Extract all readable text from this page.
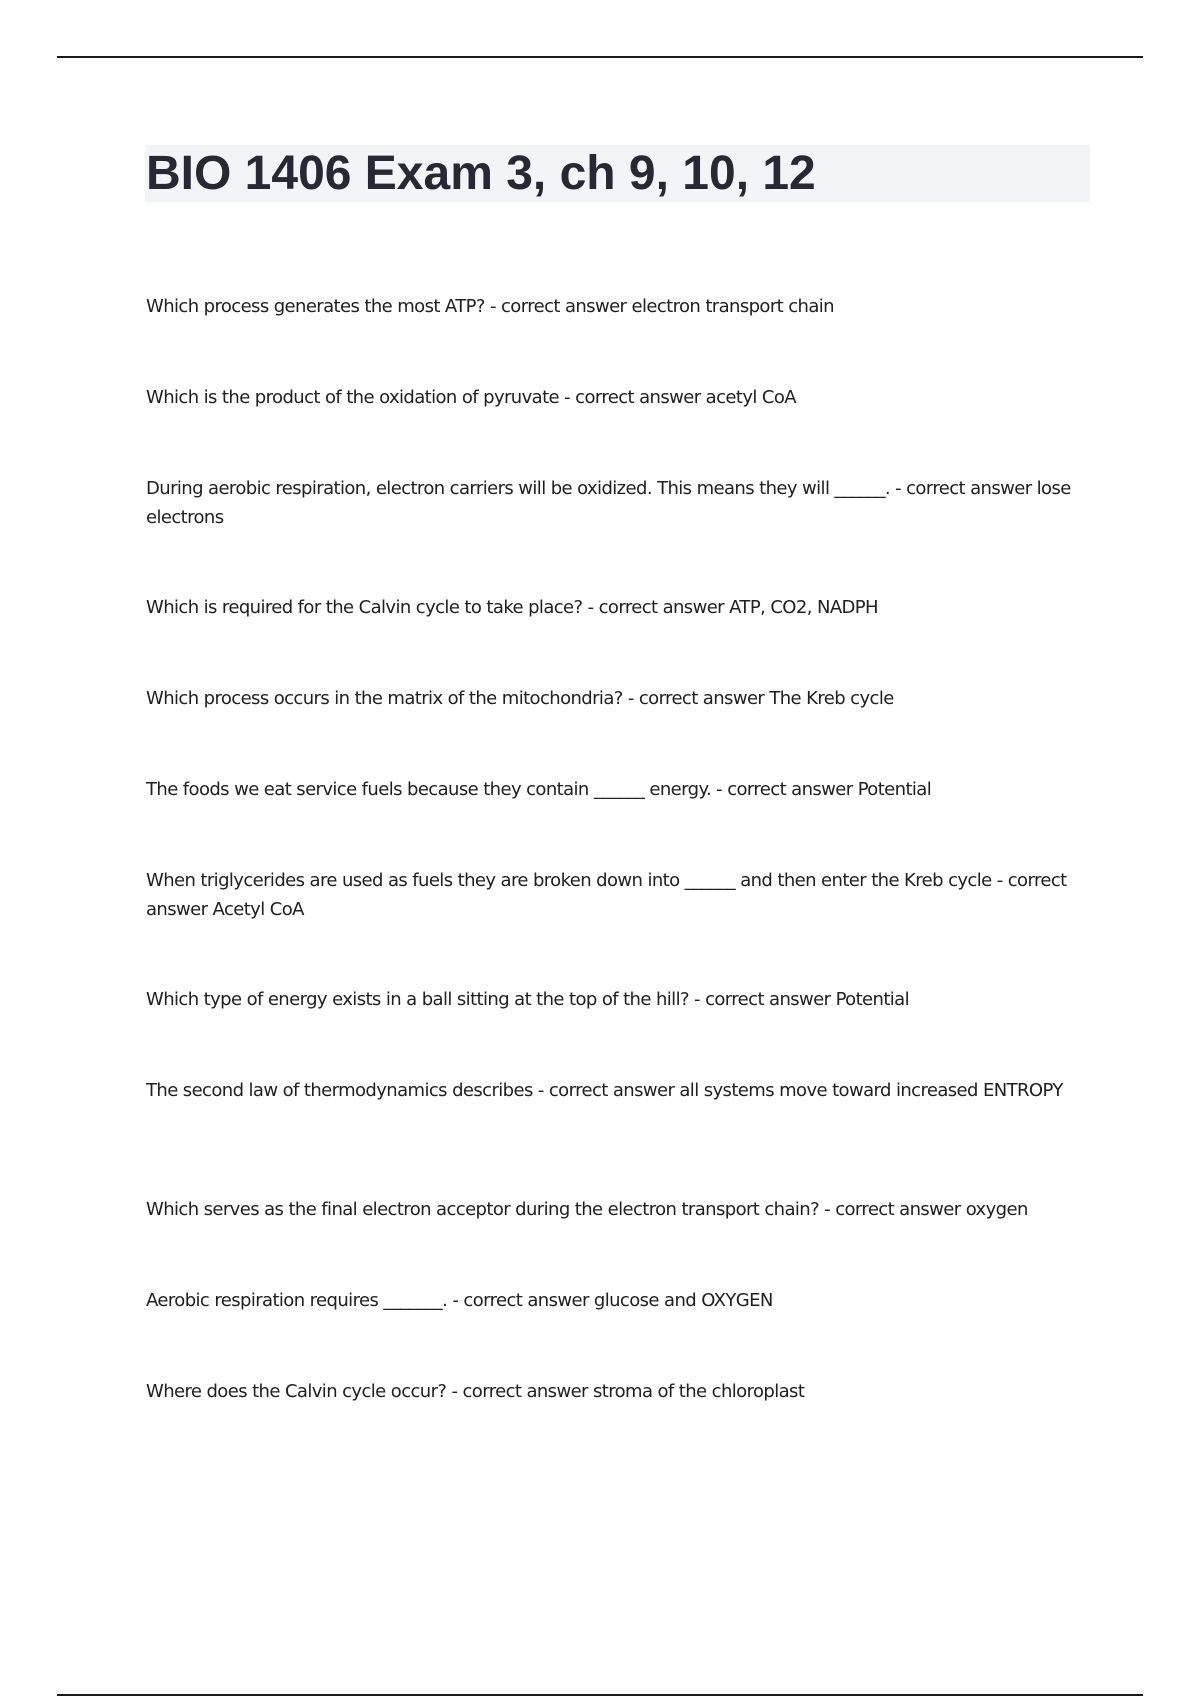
BIO 1406 Exam 3, ch 9, 10, 12
Which process generates the most ATP? - correct answer electron transport chain
Which is the product of the oxidation of pyruvate - correct answer acetyl CoA
During aerobic respiration, electron carriers will be oxidized. This means they will ______. - correct answer lose electrons
Which is required for the Calvin cycle to take place? - correct answer ATP, CO2, NADPH
Which process occurs in the matrix of the mitochondria? - correct answer The Kreb cycle
The foods we eat service fuels because they contain ______ energy. - correct answer Potential
When triglycerides are used as fuels they are broken down into ______ and then enter the Kreb cycle - correct answer Acetyl CoA
Which type of energy exists in a ball sitting at the top of the hill? - correct answer Potential
The second law of thermodynamics describes - correct answer all systems move toward increased ENTROPY
Which serves as the final electron acceptor during the electron transport chain? - correct answer oxygen
Aerobic respiration requires _______. - correct answer glucose and OXYGEN
Where does the Calvin cycle occur? - correct answer stroma of the chloroplast
